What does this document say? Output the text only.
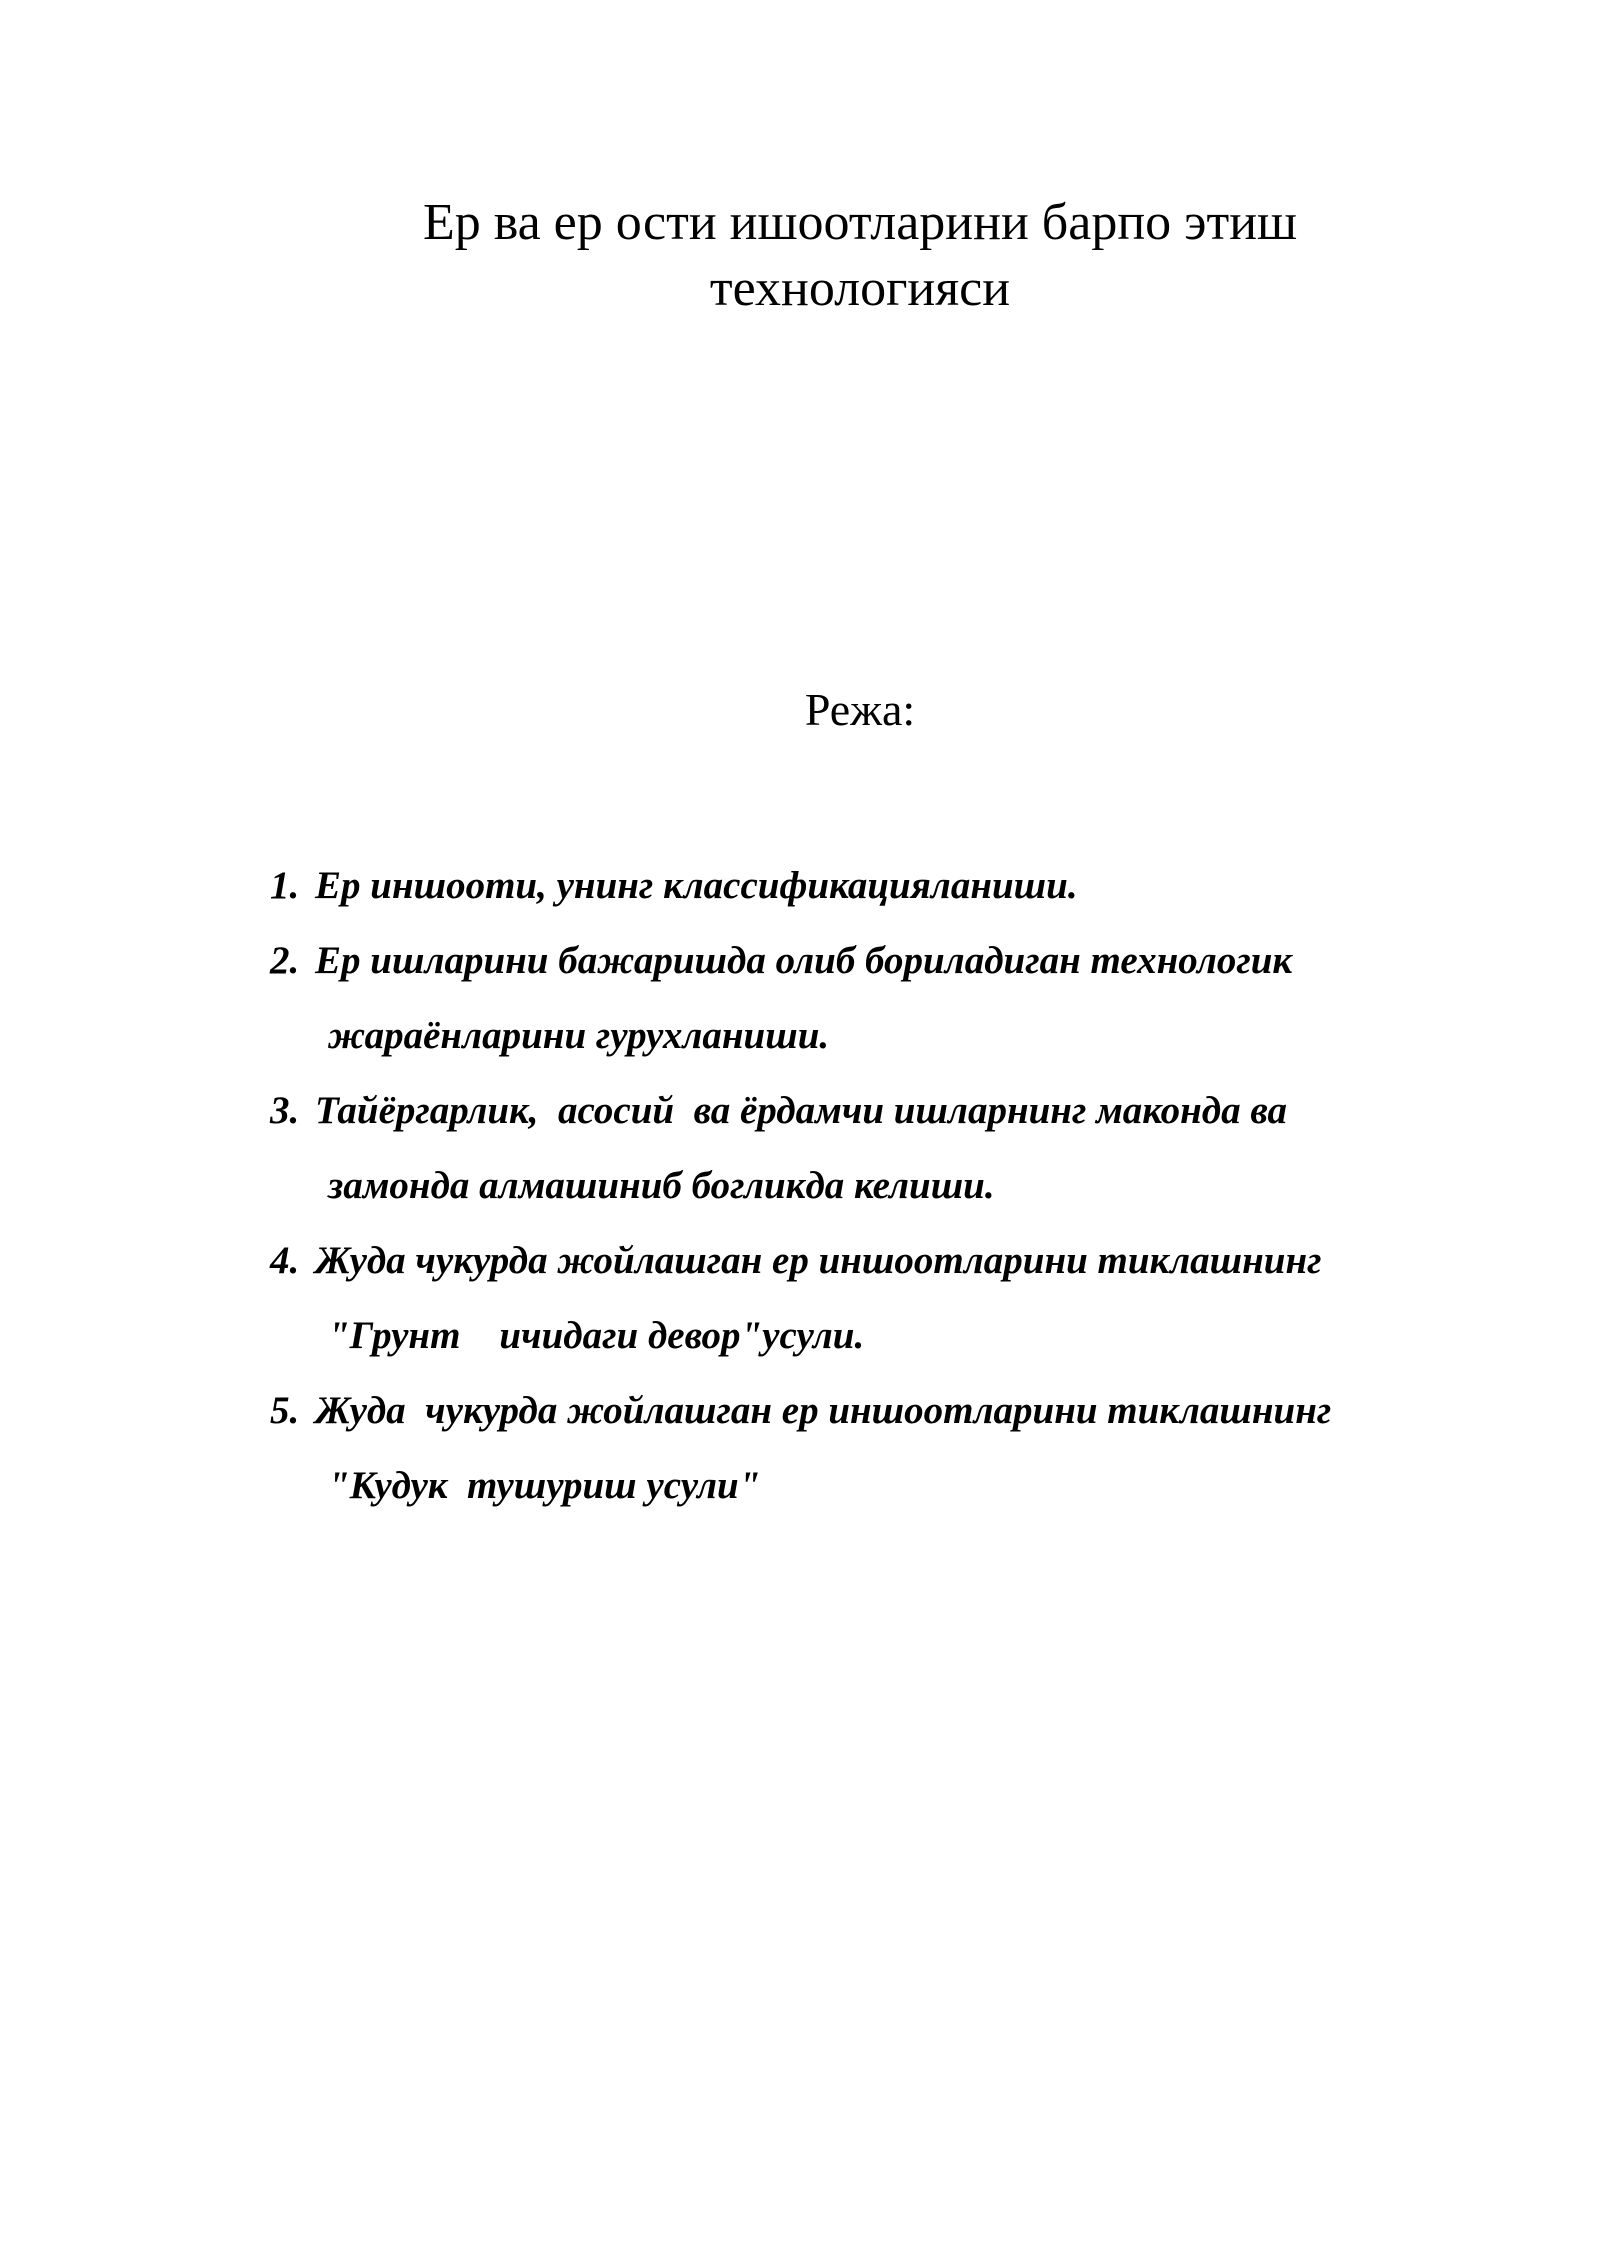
Ер ва ер ости ишоотларини барпо этиш
технологияси
Режа:
1. Ер иншооти, унинг классификацияланиши.
2. Ер ишларини бажаришда олиб бориладиган технологик
жараёнларини гурухланиши.
3. Тайёргарлик,  асосий  ва ёрдамчи ишларнинг маконда ва
замонда алмашиниб богликда келиши.
4. Жуда чукурда жойлашган ер иншоотларини тиклашнинг
"Грунт    ичидаги девор"усули.
5. Жуда  чукурда жойлашган ер иншоотларини тиклашнинг
"Кудук  тушуриш усули"
